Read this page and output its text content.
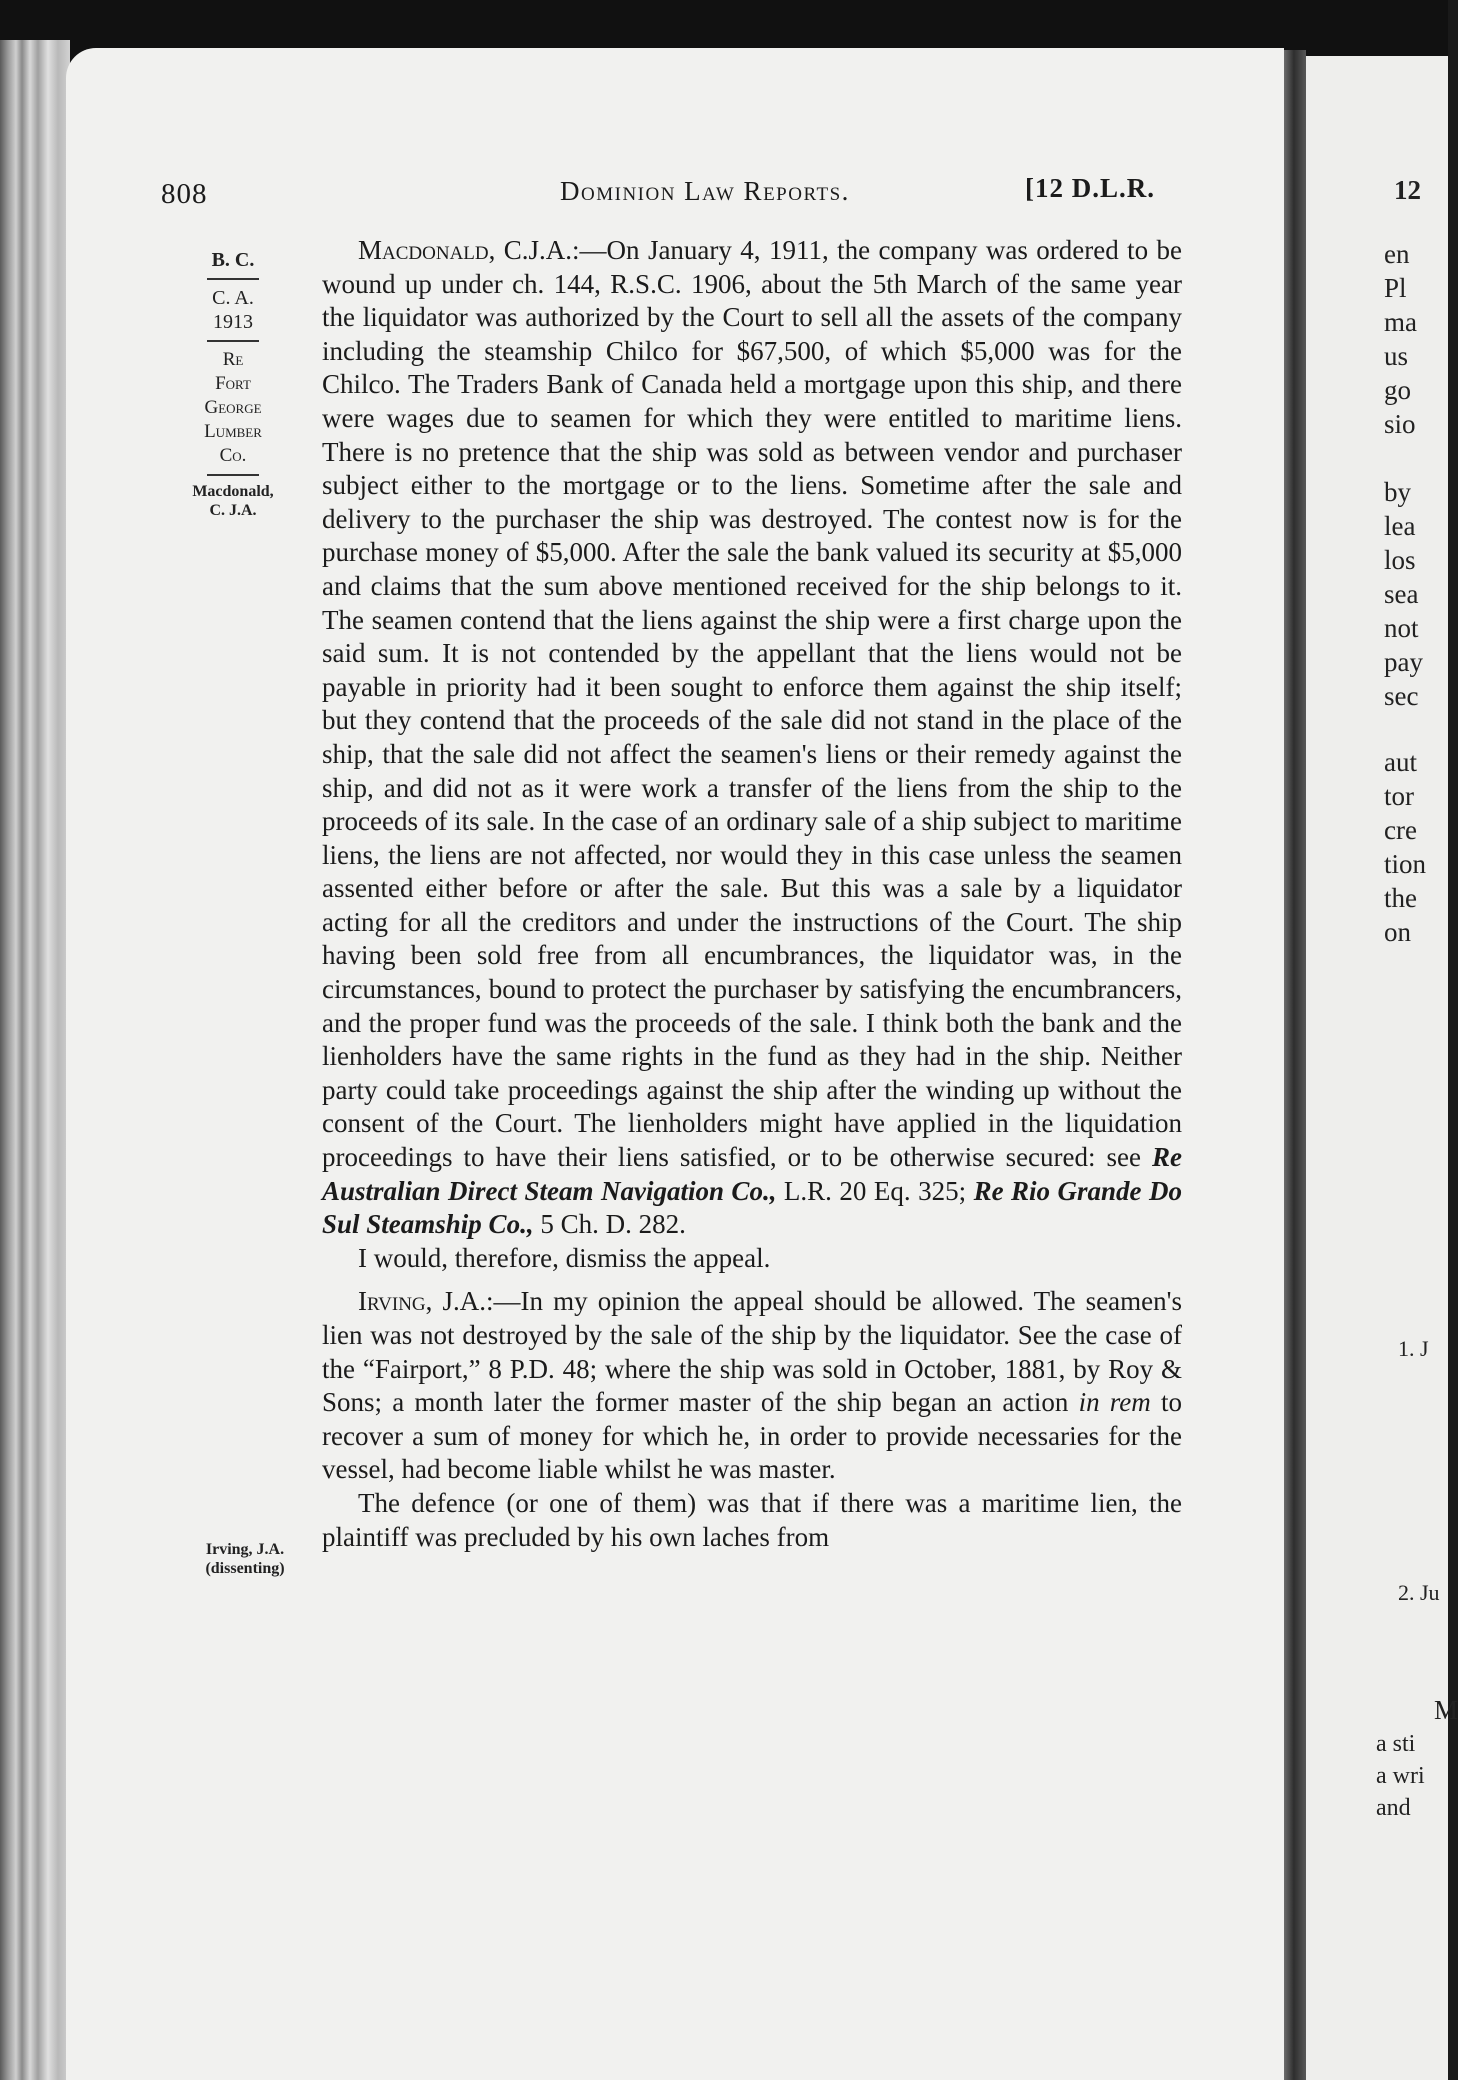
12
en
Pl
ma
us
go
sio
by
lea
los
sea
not
pay
sec
aut
tor
cre
tion
the
on
1. J
2. Ju
M
a sti
a wri
and
808	Dominion Law Reports.	[12 D.L.R.
B. C.
C. A.
1913
Re
Fort
George
Lumber
Co.
Macdonald,
C. J.A.
Irving, J.A.
(dissenting)

Macdonald, C.J.A.:—On January 4, 1911, the company was ordered to be wound up under ch. 144, R.S.C. 1906, about the 5th March of the same year the liquidator was authorized by the Court to sell all the assets of the company including the steamship Chilco for $67,500, of which $5,000 was for the Chilco. The Traders Bank of Canada held a mortgage upon this ship, and there were wages due to seamen for which they were entitled to maritime liens. There is no pretence that the ship was sold as between vendor and purchaser subject either to the mortgage or to the liens. Sometime after the sale and delivery to the purchaser the ship was destroyed. The contest now is for the purchase money of $5,000. After the sale the bank valued its security at $5,000 and claims that the sum above mentioned received for the ship belongs to it. The seamen contend that the liens against the ship were a first charge upon the said sum. It is not contended by the appellant that the liens would not be payable in priority had it been sought to enforce them against the ship itself; but they contend that the proceeds of the sale did not stand in the place of the ship, that the sale did not affect the seamen's liens or their remedy against the ship, and did not as it were work a transfer of the liens from the ship to the proceeds of its sale. In the case of an ordinary sale of a ship subject to maritime liens, the liens are not affected, nor would they in this case unless the seamen assented either before or after the sale. But this was a sale by a liquidator acting for all the creditors and under the instructions of the Court. The ship having been sold free from all encumbrances, the liquidator was, in the circumstances, bound to protect the purchaser by satisfying the encumbrancers, and the proper fund was the proceeds of the sale. I think both the bank and the lienholders have the same rights in the fund as they had in the ship. Neither party could take proceedings against the ship after the winding up without the consent of the Court. The lienholders might have applied in the liquidation proceedings to have their liens satisfied, or to be otherwise secured: see Re Australian Direct Steam Navigation Co., L.R. 20 Eq. 325; Re Rio Grande Do Sul Steamship Co., 5 Ch. D. 282.

I would, therefore, dismiss the appeal.

Irving, J.A.:—In my opinion the appeal should be allowed. The seamen's lien was not destroyed by the sale of the ship by the liquidator. See the case of the “Fairport,” 8 P.D. 48; where the ship was sold in October, 1881, by Roy & Sons; a month later the former master of the ship began an action in rem to recover a sum of money for which he, in order to provide necessaries for the vessel, had become liable whilst he was master.

The defence (or one of them) was that if there was a maritime lien, the plaintiff was precluded by his own laches from
